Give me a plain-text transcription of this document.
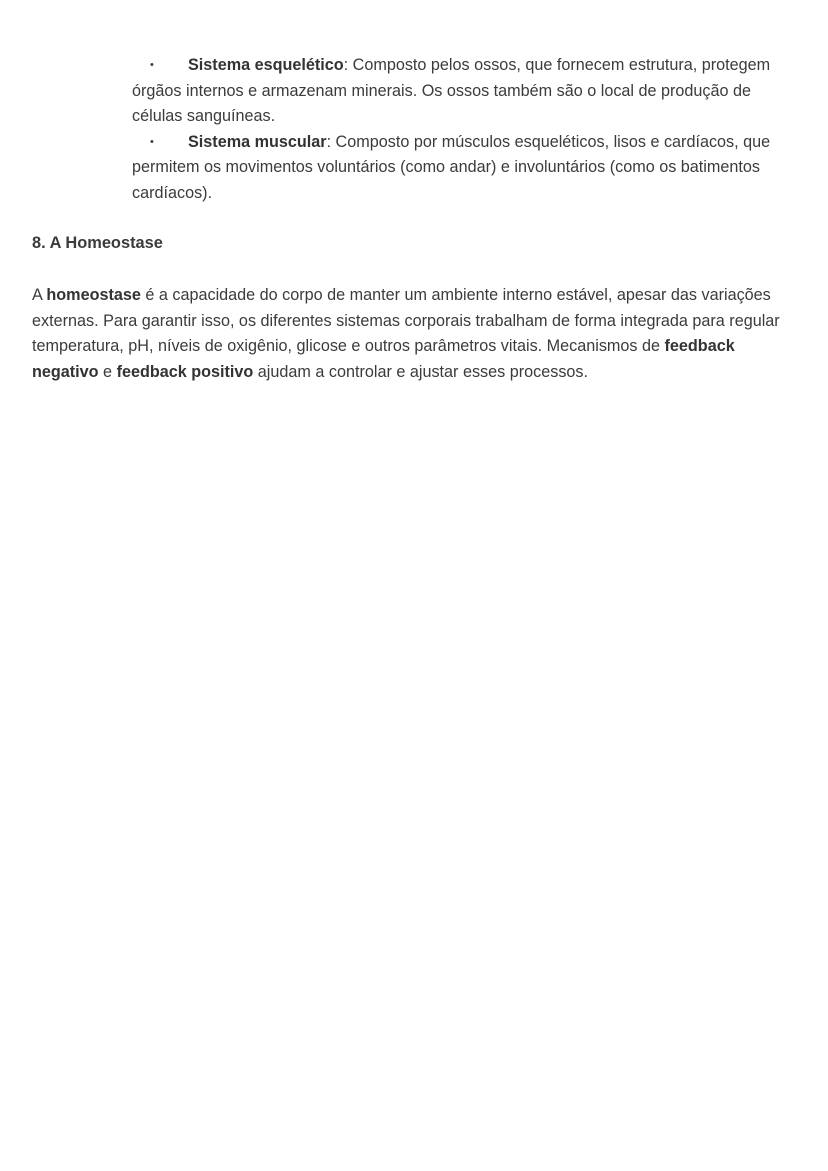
• Sistema esquelético: Composto pelos ossos, que fornecem estrutura, protegem órgãos internos e armazenam minerais. Os ossos também são o local de produção de células sanguíneas.
• Sistema muscular: Composto por músculos esqueléticos, lisos e cardíacos, que permitem os movimentos voluntários (como andar) e involuntários (como os batimentos cardíacos).
8. A Homeostase

A homeostase é a capacidade do corpo de manter um ambiente interno estável, apesar das variações externas. Para garantir isso, os diferentes sistemas corporais trabalham de forma integrada para regular temperatura, pH, níveis de oxigênio, glicose e outros parâmetros vitais. Mecanismos de feedback negativo e feedback positivo ajudam a controlar e ajustar esses processos.
